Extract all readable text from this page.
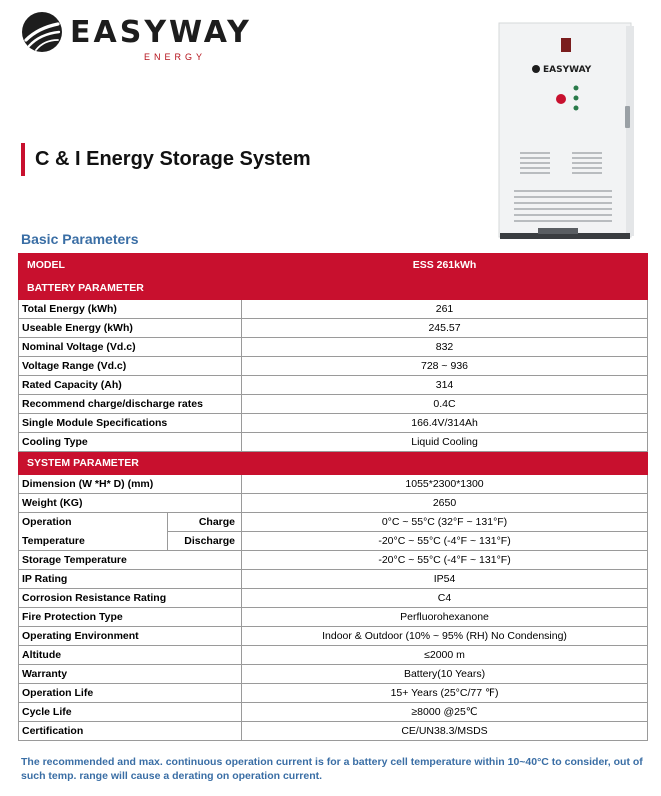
EASYWAY
ENERGY
EASYWAY
C & I Energy Storage System
Basic Parameters
MODEL		ESS 261kWh
BATTERY PARAMETER		
Total Energy (kWh)		261
Useable Energy (kWh)		245.57
Nominal Voltage (Vd.c)		832
Voltage Range (Vd.c)		728 ~ 936
Rated Capacity (Ah)		314
Recommend charge/discharge rates		0.4C
Single Module Specifications		166.4V/314Ah
Cooling Type		Liquid Cooling
SYSTEM PARAMETER		
Dimension (W *H* D) (mm)		1055*2300*1300
Weight (KG)		2650
Operation	Charge	0°C ~ 55°C (32°F ~ 131°F)
Temperature	Discharge	-20°C ~ 55°C (-4°F ~ 131°F)
Storage Temperature		-20°C ~ 55°C (-4°F ~ 131°F)
IP Rating		IP54
Corrosion Resistance Rating		C4
Fire Protection Type		Perfluorohexanone
Operating Environment		Indoor & Outdoor (10% ~ 95% (RH) No Condensing)
Altitude		≤2000 m
Warranty		Battery(10 Years)
Operation Life		15+ Years (25°C/77 ℉)
Cycle Life		≥8000 @25℃
Certification		CE/UN38.3/MSDS
The recommended and max. continuous operation current is for a battery cell temperature within 10~40°C to consider, out of such temp. range will cause a derating on operation current.
